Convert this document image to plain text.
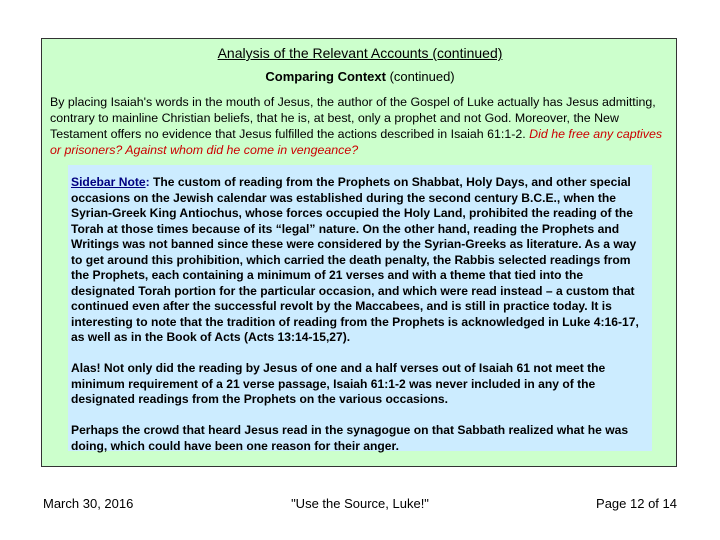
Analysis of the Relevant Accounts (continued)
Comparing Context (continued)
By placing Isaiah's words in the mouth of Jesus, the author of the Gospel of Luke actually has Jesus admitting, contrary to mainline Christian beliefs, that he is, at best, only a prophet and not God. Moreover, the New Testament offers no evidence that Jesus fulfilled the actions described in Isaiah 61:1-2. Did he free any captives or prisoners? Against whom did he come in vengeance?

Sidebar Note: The custom of reading from the Prophets on Shabbat, Holy Days, and other special occasions on the Jewish calendar was established during the second century B.C.E., when the Syrian-Greek King Antiochus, whose forces occupied the Holy Land, prohibited the reading of the Torah at those times because of its “legal” nature. On the other hand, reading the Prophets and Writings was not banned since these were considered by the Syrian-Greeks as literature. As a way to get around this prohibition, which carried the death penalty, the Rabbis selected readings from the Prophets, each containing a minimum of 21 verses and with a theme that tied into the designated Torah portion for the particular occasion, and which were read instead – a custom that continued even after the successful revolt by the Maccabees, and is still in practice today. It is interesting to note that the tradition of reading from the Prophets is acknowledged in Luke 4:16-17, as well as in the Book of Acts (Acts 13:14-15,27).

Alas! Not only did the reading by Jesus of one and a half verses out of Isaiah 61 not meet the minimum requirement of a 21 verse passage, Isaiah 61:1-2 was never included in any of the designated readings from the Prophets on the various occasions.

Perhaps the crowd that heard Jesus read in the synagogue on that Sabbath realized what he was doing, which could have been one reason for their anger.

March 30, 2016	"Use the Source, Luke!"	Page 12 of 14
